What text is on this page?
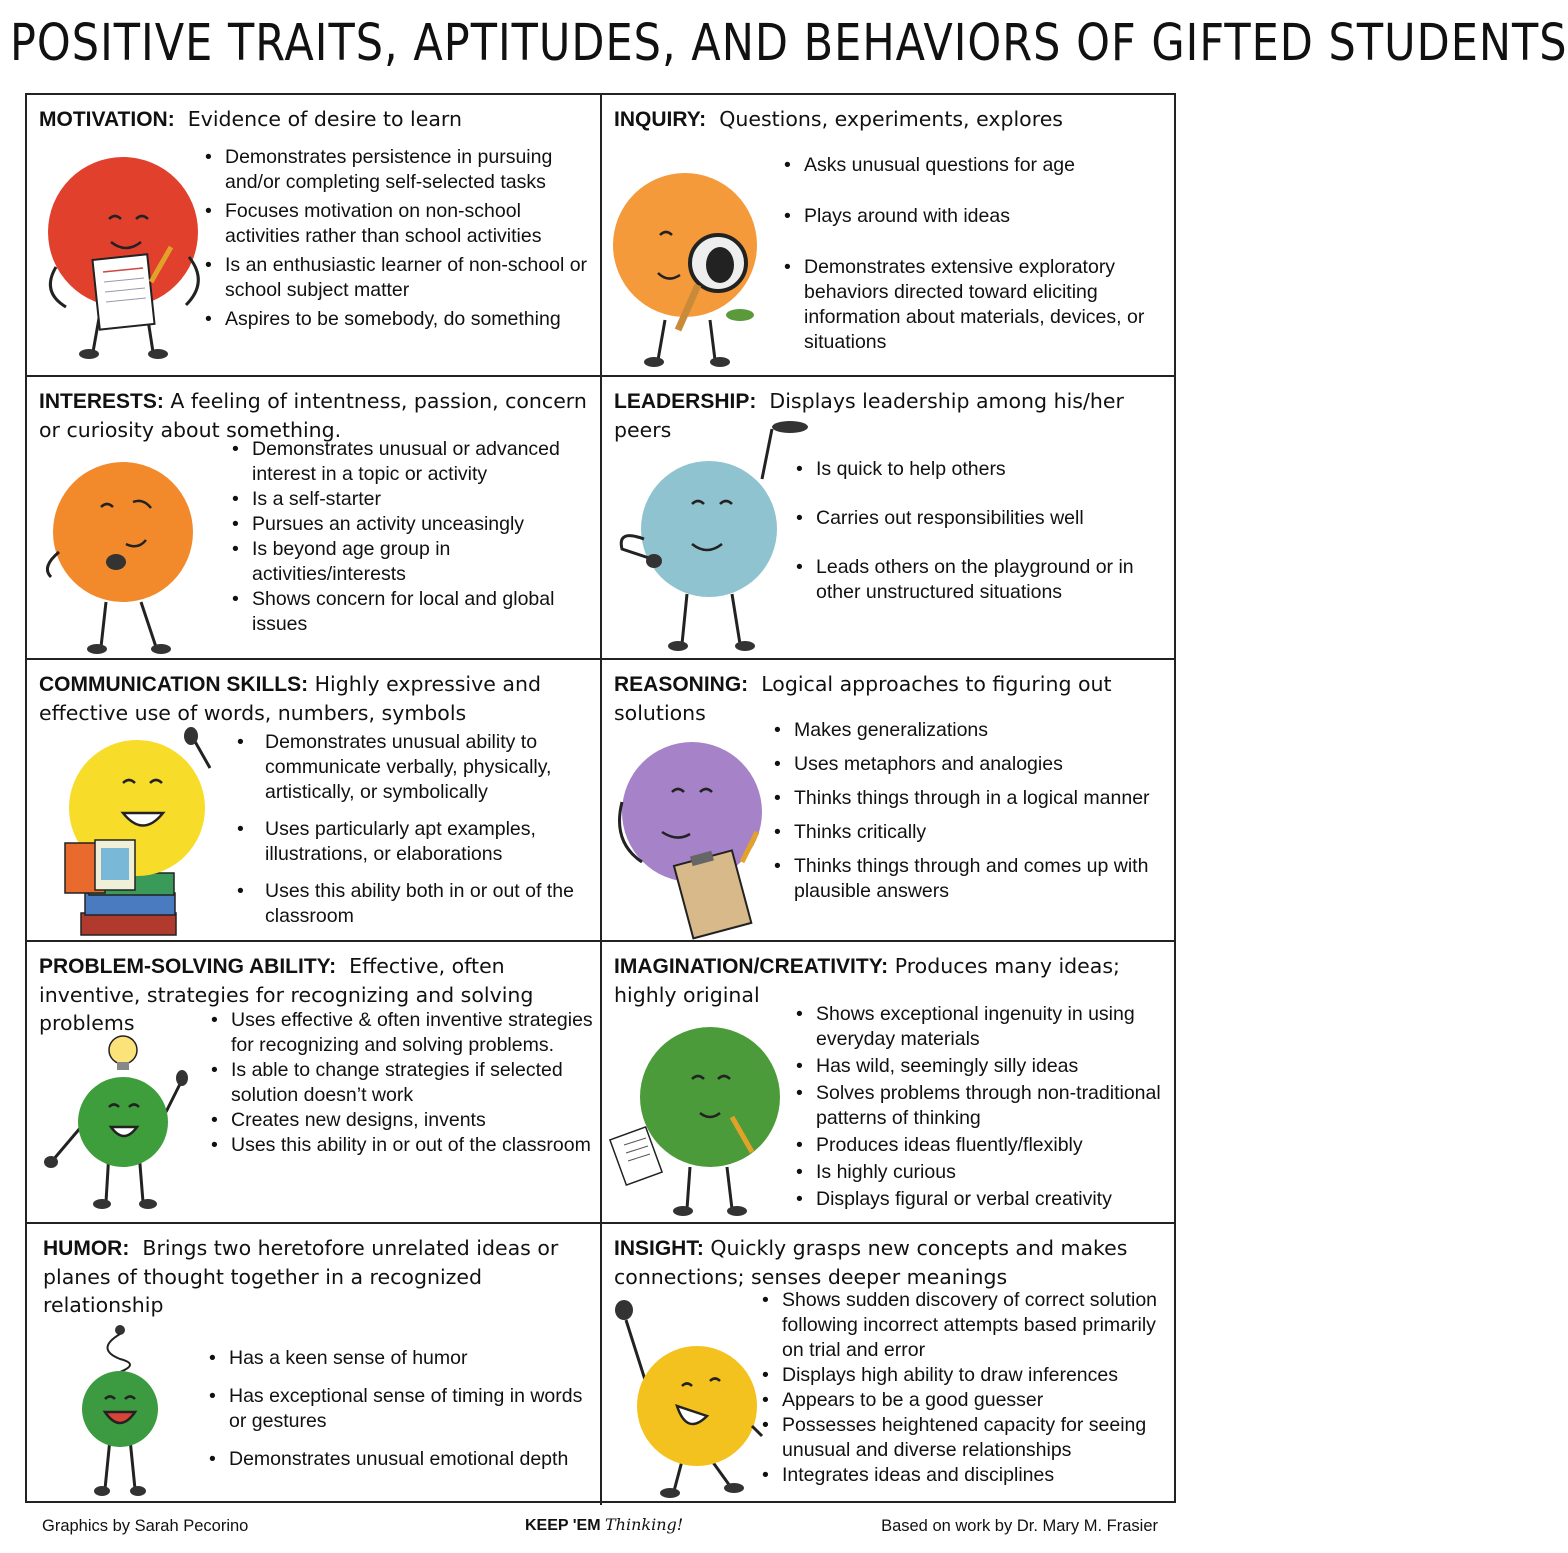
POSITIVE TRAITS, APTITUDES, AND BEHAVIORS OF GIFTED STUDENTS
MOTIVATION: Evidence of desire to learn
• Demonstrates persistence in pursuing and/or completing self-selected tasks
• Focuses motivation on non-school activities rather than school activities
• Is an enthusiastic learner of non-school or school subject matter
• Aspires to be somebody, do something
INQUIRY: Questions, experiments, explores
• Asks unusual questions for age
• Plays around with ideas
• Demonstrates extensive exploratory behaviors directed toward eliciting information about materials, devices, or situations
INTERESTS: A feeling of intentness, passion, concern or curiosity about something.
• Demonstrates unusual or advanced interest in a topic or activity
• Is a self-starter
• Pursues an activity unceasingly
• Is beyond age group in activities/interests
• Shows concern for local and global issues
LEADERSHIP: Displays leadership among his/her peers
• Is quick to help others
• Carries out responsibilities well
• Leads others on the playground or in other unstructured situations
COMMUNICATION SKILLS: Highly expressive and effective use of words, numbers, symbols
• Demonstrates unusual ability to communicate verbally, physically, artistically, or symbolically
• Uses particularly apt examples, illustrations, or elaborations
• Uses this ability both in or out of the classroom
REASONING: Logical approaches to figuring out solutions
• Makes generalizations
• Uses metaphors and analogies
• Thinks things through in a logical manner
• Thinks critically
• Thinks things through and comes up with plausible answers
PROBLEM-SOLVING ABILITY: Effective, often inventive, strategies for recognizing and solving problems
•	Uses effective & often inventive strategies for recognizing and solving problems.
• Is able to change strategies if selected solution doesn’t work
• Creates new designs, invents
• Uses this ability in or out of the classroom
IMAGINATION/CREATIVITY: Produces many ideas; highly original
• Shows exceptional ingenuity in using everyday materials
• Has wild, seemingly silly ideas
• Solves problems through non-traditional patterns of thinking
• Produces ideas fluently/flexibly
• Is highly curious
• Displays figural or verbal creativity
HUMOR: Brings two heretofore unrelated ideas or planes of thought together in a recognized relationship
• Has a keen sense of humor
• Has exceptional sense of timing in words or gestures
• Demonstrates unusual emotional depth
INSIGHT: Quickly grasps new concepts and makes connections; senses deeper meanings
• Shows sudden discovery of correct solution following incorrect attempts based primarily on trial and error
• Displays high ability to draw inferences
• Appears to be a good guesser
• Possesses heightened capacity for seeing unusual and diverse relationships
• Integrates ideas and disciplines
Graphics by Sarah Pecorino	KEEP 'EM Thinking!	Based on work by Dr. Mary M. Frasier
